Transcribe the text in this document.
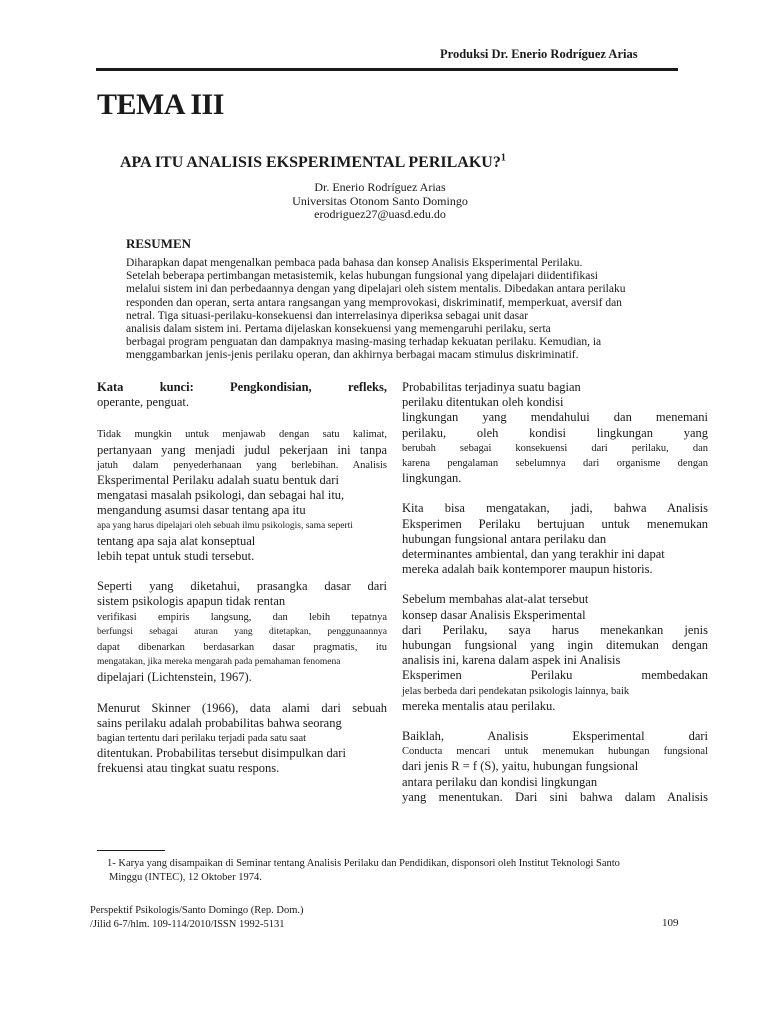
Produksi Dr. Enerio Rodríguez Arias
TEMA III
APA ITU ANALISIS EKSPERIMENTAL PERILAKU?$^1$
Dr. Enerio Rodríguez Arias
Universitas Otonom Santo Domingo
erodriguez27@uasd.edu.do
RESUMEN
Diharapkan dapat mengenalkan pembaca pada bahasa dan konsep Analisis Eksperimental Perilaku.
Setelah beberapa pertimbangan metasistemik, kelas hubungan fungsional yang dipelajari diidentifikasi
melalui sistem ini dan perbedaannya dengan yang dipelajari oleh sistem mentalis. Dibedakan antara perilaku
responden dan operan, serta antara rangsangan yang memprovokasi, diskriminatif, memperkuat, aversif dan
netral. Tiga situasi-perilaku-konsekuensi dan interrelasinya diperiksa sebagai unit dasar
analisis dalam sistem ini. Pertama dijelaskan konsekuensi yang memengaruhi perilaku, serta
berbagai program penguatan dan dampaknya masing-masing terhadap kekuatan perilaku. Kemudian, ia
menggambarkan jenis-jenis perilaku operan, dan akhirnya berbagai macam stimulus diskriminatif.
Kata kunci: Pengkondisian, refleks,
operante, penguat.
Tidak mungkin untuk menjawab dengan satu kalimat,
pertanyaan yang menjadi judul pekerjaan ini tanpa
jatuh dalam penyederhanaan yang berlebihan. Analisis
Eksperimental Perilaku adalah suatu bentuk dari
mengatasi masalah psikologi, dan sebagai hal itu,
mengandung asumsi dasar tentang apa itu
apa yang harus dipelajari oleh sebuah ilmu psikologis, sama seperti
tentang apa saja alat konseptual
lebih tepat untuk studi tersebut.
Seperti yang diketahui, prasangka dasar dari
sistem psikologis apapun tidak rentan
verifikasi empiris langsung, dan lebih tepatnya
berfungsi sebagai aturan yang ditetapkan, penggunaannya
dapat dibenarkan berdasarkan dasar pragmatis, itu
mengatakan, jika mereka mengarah pada pemahaman fenomena
dipelajari (Lichtenstein, 1967).
Menurut Skinner (1966), data alami dari sebuah
sains perilaku adalah probabilitas bahwa seorang
bagian tertentu dari perilaku terjadi pada satu saat
ditentukan. Probabilitas tersebut disimpulkan dari
frekuensi atau tingkat suatu respons.
Probabilitas terjadinya suatu bagian
perilaku ditentukan oleh kondisi
lingkungan yang mendahului dan menemani
perilaku, oleh kondisi lingkungan yang
berubah sebagai konsekuensi dari perilaku, dan
karena pengalaman sebelumnya dari organisme dengan
lingkungan.
Kita bisa mengatakan, jadi, bahwa Analisis
Eksperimen Perilaku bertujuan untuk menemukan
hubungan fungsional antara perilaku dan
determinantes ambiental, dan yang terakhir ini dapat
mereka adalah baik kontemporer maupun historis.
Sebelum membahas alat-alat tersebut
konsep dasar Analisis Eksperimental
dari Perilaku, saya harus menekankan jenis
hubungan fungsional yang ingin ditemukan dengan
analisis ini, karena dalam aspek ini Analisis
Eksperimen Perilaku membedakan
jelas berbeda dari pendekatan psikologis lainnya, baik
mereka mentalis atau perilaku.
Baiklah, Analisis Eksperimental dari
Conducta mencari untuk menemukan hubungan fungsional
dari jenis R = f (S), yaitu, hubungan fungsional
antara perilaku dan kondisi lingkungan
yang menentukan. Dari sini bahwa dalam Analisis
1- Karya yang disampaikan di Seminar tentang Analisis Perilaku dan Pendidikan, disponsori oleh Institut Teknologi Santo
Minggu (INTEC), 12 Oktober 1974.
Perspektif Psikologis/Santo Domingo (Rep. Dom.)
/Jilid 6-7/hlm. 109-114/2010/ISSN 1992-5131	109
